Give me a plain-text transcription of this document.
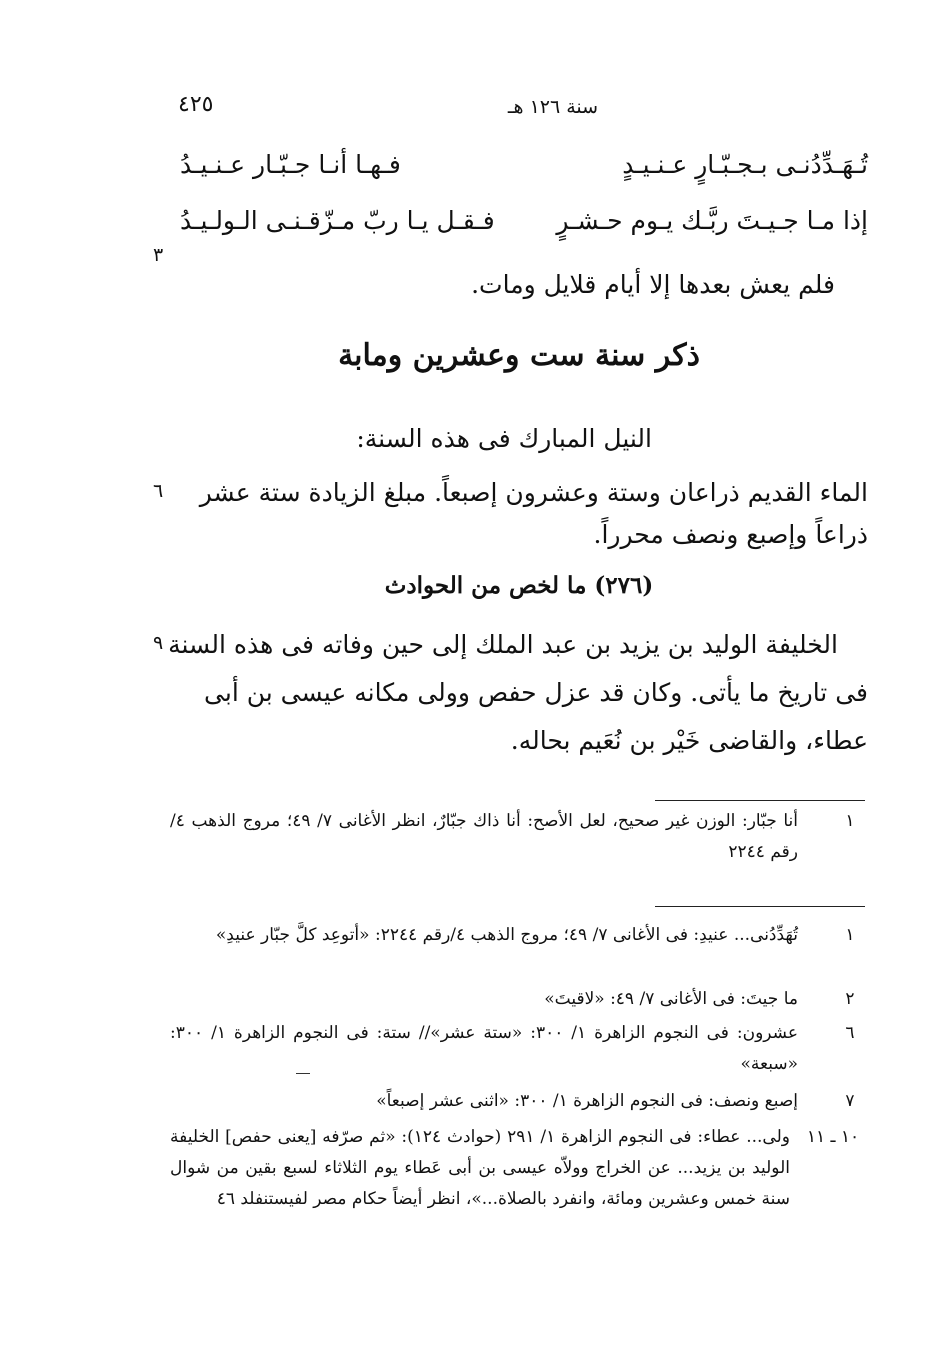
٤٢٥	سنة ١٢٦ هـ
تُـهَـدِّدُنـى بـجـبّـارٍ عـنـيـدٍ
فـهـا أنـا جـبّـار عـنـيـدُ
إذا مـا جـيـتَ ربَّـك يـوم حـشـرٍ
فـقـل يـا ربّ مـزّقـنـى الـولـيـدُ
٣
فلم يعش بعدها إلا أيام قلايل ومات.
ذكر سنة ست وعشرين ومابة
النيل المبارك فى هذه السنة:
٦	الماء القديم ذراعان وستة وعشرون إصبعاً. مبلغ الزيادة ستة عشر
ذراعاً وإصبع ونصف محرراً.
(٢٧٦) ما لخص من الحوادث
٩ الخليفة الوليد بن يزيد بن عبد الملك إلى حين وفاته فى هذه السنة
فى تاريخ ما يأتى. وكان قد عزل حفص وولى مكانه عيسى بن أبى
عطاء، والقاضى خَيْر بن نُعَيم بحاله.
١
أنا جبّار: الوزن غير صحيح، لعل الأصح: أنا ذاك جبّارٌ، انظر الأغانى ٧/ ٤٩؛ مروج الذهب ٤/رقم ٢٢٤٤
١
تُهَدِّدُنى... عنيدِ: فى الأغانى ٧/ ٤٩؛ مروج الذهب ٤/رقم ٢٢٤٤: «أتوعِد كلَّ جبّار عنيدِ»
٢
ما جيتَ: فى الأغانى ٧/ ٤٩: «لاقيتَ»
٦
عشرون: فى النجوم الزاهرة ١/ ٣٠٠: «ستة عشر»// ستة: فى النجوم الزاهرة ١/ ٣٠٠: «سبعة»
٧
إصبع ونصف: فى النجوم الزاهرة ١/ ٣٠٠: «اثنى عشر إصبعاً»
١٠ ـ ١١
ولى... عطاء: فى النجوم الزاهرة ١/ ٢٩١ (حوادث ١٢٤): «ثم صرّفه [يعنى حفص] الخليفة الوليد بن يزيد... عن الخراج وولاّه عيسى بن أبى عَطاء يوم الثلاثاء لسبع بقين من شوال سنة خمس وعشرين ومائة، وانفرد بالصلاة...»، انظر أيضاً حكام مصر لفيستنفلد ٤٦
